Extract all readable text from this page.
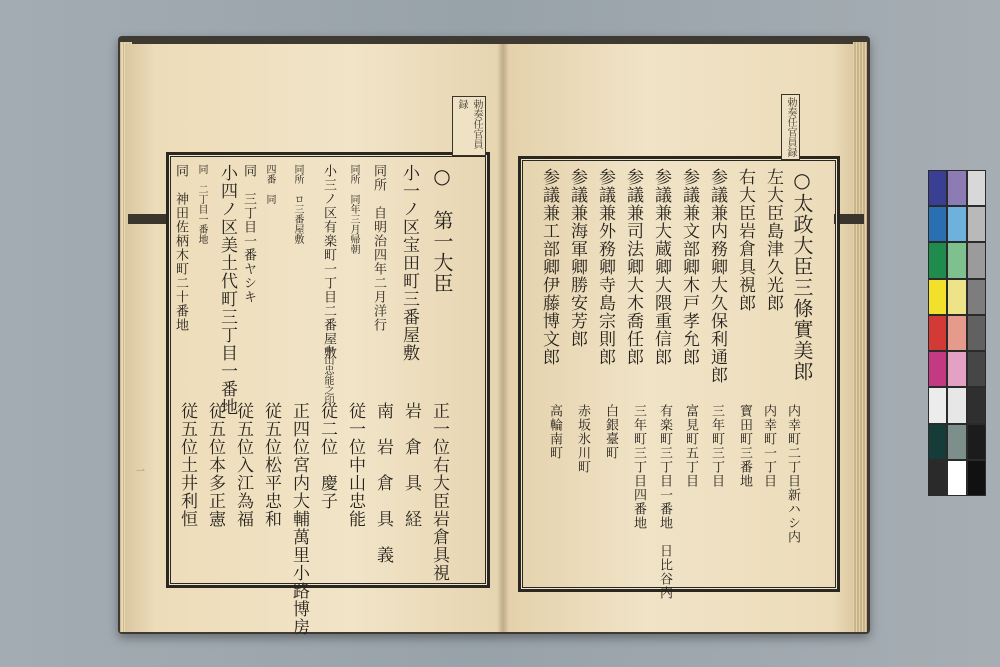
勅奏任官員録	勅奏任官員録
一
○　第一大臣
小一ノ区宝田町三番屋敷
同所　自明治四年二月洋行
同所　同年三月帰朝
小三ノ区有楽町一丁目二番屋敷
同所　ロ三番屋敷
四番　同
同　三丁目一番ヤシキ
小四ノ区美土代町三丁目一番地
同　二丁目一番地
同　神田佐柄木町二十番地
正一位右大臣岩倉具視
岩　倉　具　経
南　岩　倉　具　義
従一位中山忠能
従二位　慶子
正四位宮内大輔萬里小路博房
従五位松平忠和
従五位入江為福
従五位本多正憲
従五位土井利恒
中山忠能之印	○太政大臣三條實美郎
左大臣島津久光郎
右大臣岩倉具視郎
参議兼内務卿大久保利通郎
参議兼文部卿木戸孝允郎
参議兼大蔵卿大隈重信郎
参議兼司法卿大木喬任郎
参議兼外務卿寺島宗則郎
参議兼海軍卿勝安芳郎
参議兼工部卿伊藤博文郎
内幸町二丁目新ハシ内
内幸町一丁目
寳田町三番地
三年町三丁目
富見町五丁目
有楽町三丁目一番地　日比谷内
三年町三丁目四番地
白銀臺町
赤坂氷川町
高輪南町
